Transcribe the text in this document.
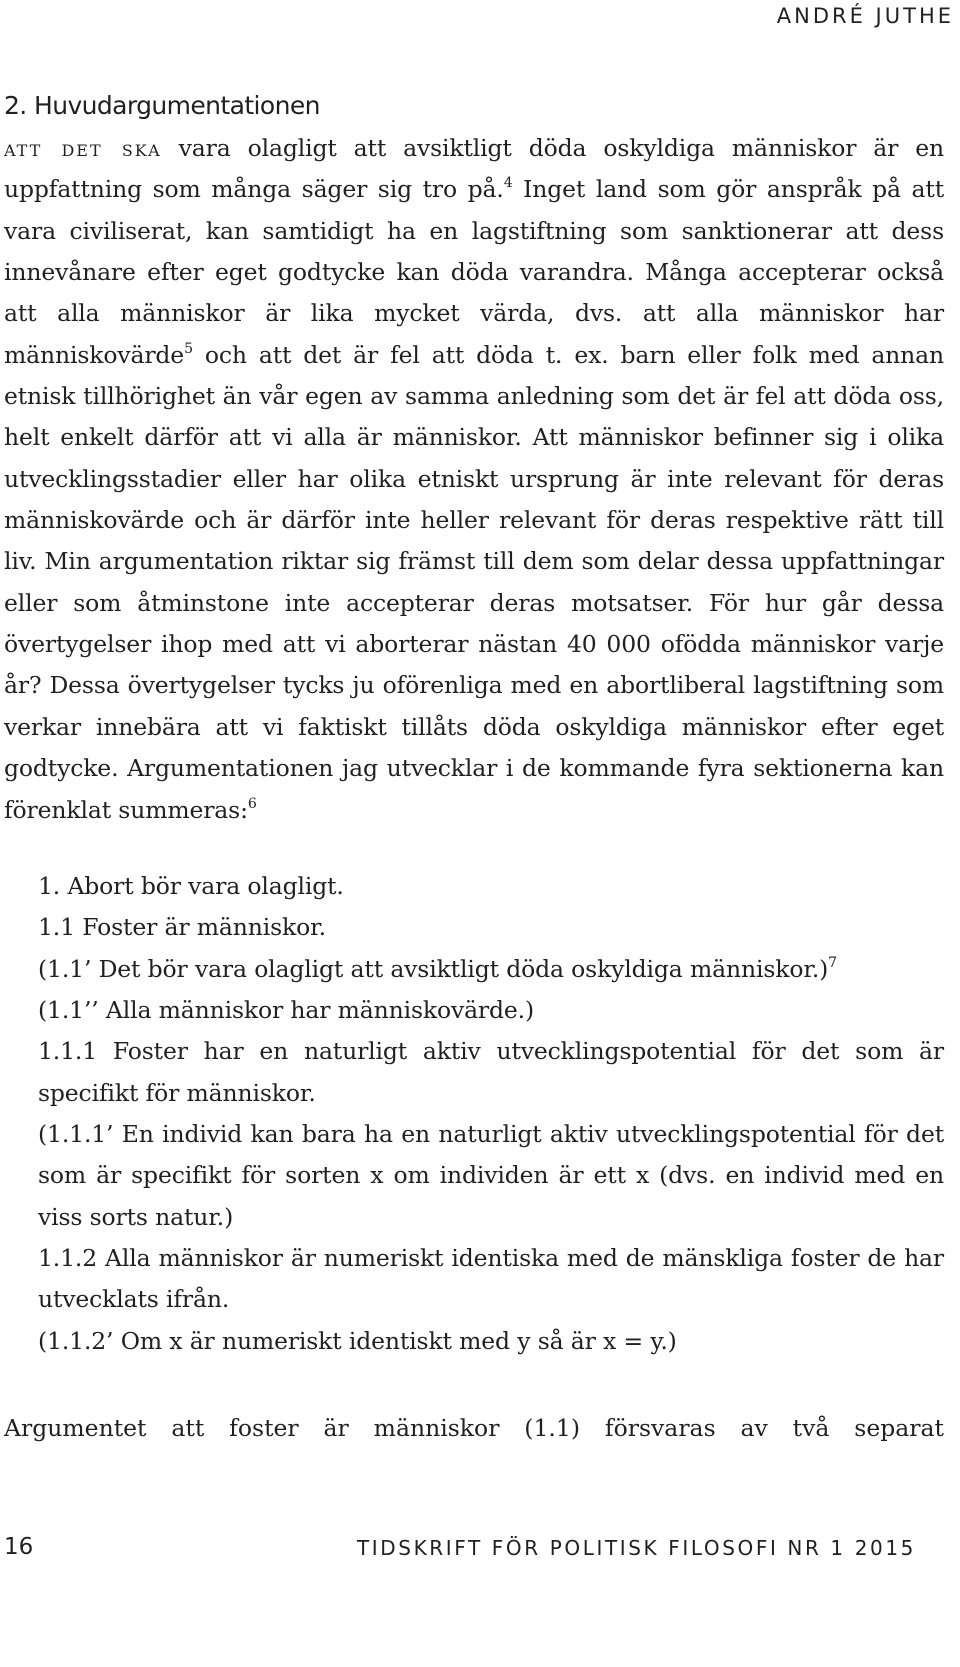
ANDRÉ JUTHE
2. Huvudargumentationen

att det ska vara olagligt att avsiktligt döda oskyldiga människor är en uppfattning som många säger sig tro på.$^4$ Inget land som gör anspråk på att vara civiliserat, kan samtidigt ha en lagstiftning som sanktionerar att dess innevånare efter eget godtycke kan döda varandra. Många accepterar också att alla människor är lika mycket värda, dvs. att alla människor har människovärde$^5$ och att det är fel att döda t. ex. barn eller folk med annan etnisk tillhörighet än vår egen av samma anledning som det är fel att döda oss, helt enkelt därför att vi alla är människor. Att människor befinner sig i olika utvecklingsstadier eller har olika etniskt ursprung är inte relevant för deras människovärde och är därför inte heller relevant för deras respektive rätt till liv. Min argumentation riktar sig främst till dem som delar dessa uppfattningar eller som åtminstone inte accepterar deras motsatser. För hur går dessa övertygelser ihop med att vi aborterar nästan 40 000 ofödda människor varje år? Dessa övertygelser tycks ju oförenliga med en abortliberal lagstiftning som verkar innebära att vi faktiskt tillåts döda oskyldiga människor efter eget godtycke. Argumentationen jag utvecklar i de kommande fyra sektionerna kan förenklat summeras:$^6$

1. Abort bör vara olagligt.
1.1 Foster är människor.
(1.1’ Det bör vara olagligt att avsiktligt döda oskyldiga människor.)$^7$
(1.1’’ Alla människor har människovärde.)
1.1.1 Foster har en naturligt aktiv utvecklingspotential för det som är specifikt för människor.
(1.1.1’ En individ kan bara ha en naturligt aktiv utvecklingspotential för det som är specifikt för sorten x om individen är ett x (dvs. en individ med en viss sorts natur.)
1.1.2 Alla människor är numeriskt identiska med de mänskliga foster de har utvecklats ifrån.
(1.1.2’ Om x är numeriskt identiskt med y så är x = y.)

Argumentet att foster är människor (1.1) försvaras av två separat

16	TIDSKRIFT FÖR POLITISK FILOSOFI NR 1 2015
